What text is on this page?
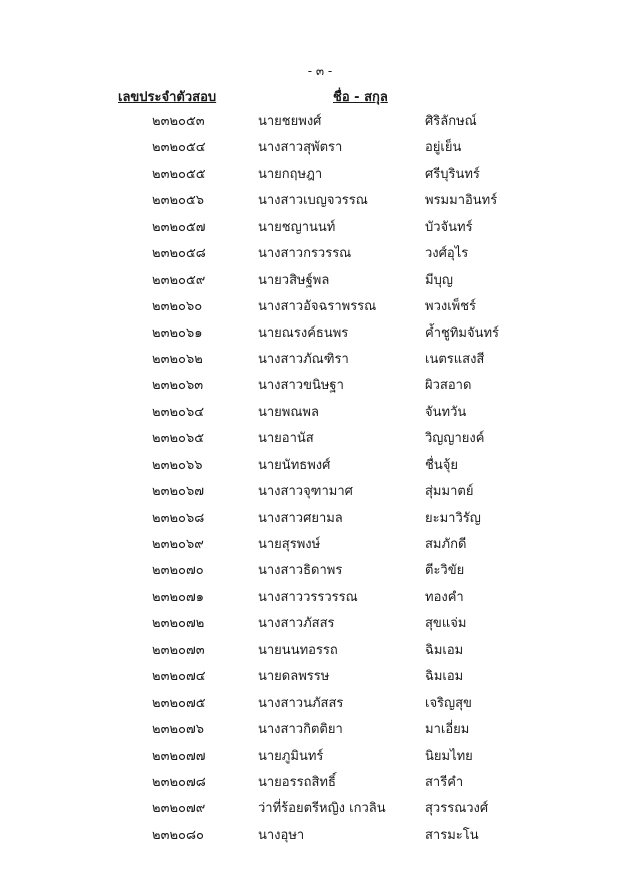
- ๓ -
เลขประจำตัวสอบ	ชื่อ - สกุล
๒๓๒๐๕๓	นายชยพงศ์	ศิริลักษณ์
๒๓๒๐๕๔	นางสาวสุพัตรา	อยู่เย็น
๒๓๒๐๕๕	นายกฤษฎา	ศรีบุรินทร์
๒๓๒๐๕๖	นางสาวเบญจวรรณ	พรมมาอินทร์
๒๓๒๐๕๗	นายชญานนท์	บัวจันทร์
๒๓๒๐๕๘	นางสาวกรวรรณ	วงศ์อุไร
๒๓๒๐๕๙	นายวสิษฐ์พล	มีบุญ
๒๓๒๐๖๐	นางสาวอัจฉราพรรณ	พวงเพ็ชร์
๒๓๒๐๖๑	นายณรงค์ธนพร	ค้ำชูทิมจันทร์
๒๓๒๐๖๒	นางสาวภัณฑิรา	เนตรแสงสี
๒๓๒๐๖๓	นางสาวขนิษฐา	ผิวสอาด
๒๓๒๐๖๔	นายพณพล	จันทวัน
๒๓๒๐๖๕	นายอานัส	วิญญายงค์
๒๓๒๐๖๖	นายนัทธพงศ์	ชื่นจุ้ย
๒๓๒๐๖๗	นางสาวจุฑามาศ	สุ่มมาตย์
๒๓๒๐๖๘	นางสาวศยามล	ยะมาวิรัญ
๒๓๒๐๖๙	นายสุรพงษ์	สมภักดี
๒๓๒๐๗๐	นางสาวธิดาพร	ตีะวิขัย
๒๓๒๐๗๑	นางสาววรรวรรณ	ทองคำ
๒๓๒๐๗๒	นางสาวภัสสร	สุขแจ่ม
๒๓๒๐๗๓	นายนนทอรรถ	ฉิมเอม
๒๓๒๐๗๔	นายดลพรรษ	ฉิมเอม
๒๓๒๐๗๕	นางสาวนภัสสร	เจริญสุข
๒๓๒๐๗๖	นางสาวกิตติยา	มาเอี่ยม
๒๓๒๐๗๗	นายภูมินทร์	นิยมไทย
๒๓๒๐๗๘	นายอรรถสิทธิ์	สารีคำ
๒๓๒๐๗๙	ว่าที่ร้อยตรีหญิง เกวลิน	สุวรรณวงศ์
๒๓๒๐๘๐	นางอุษา	สารมะโน
